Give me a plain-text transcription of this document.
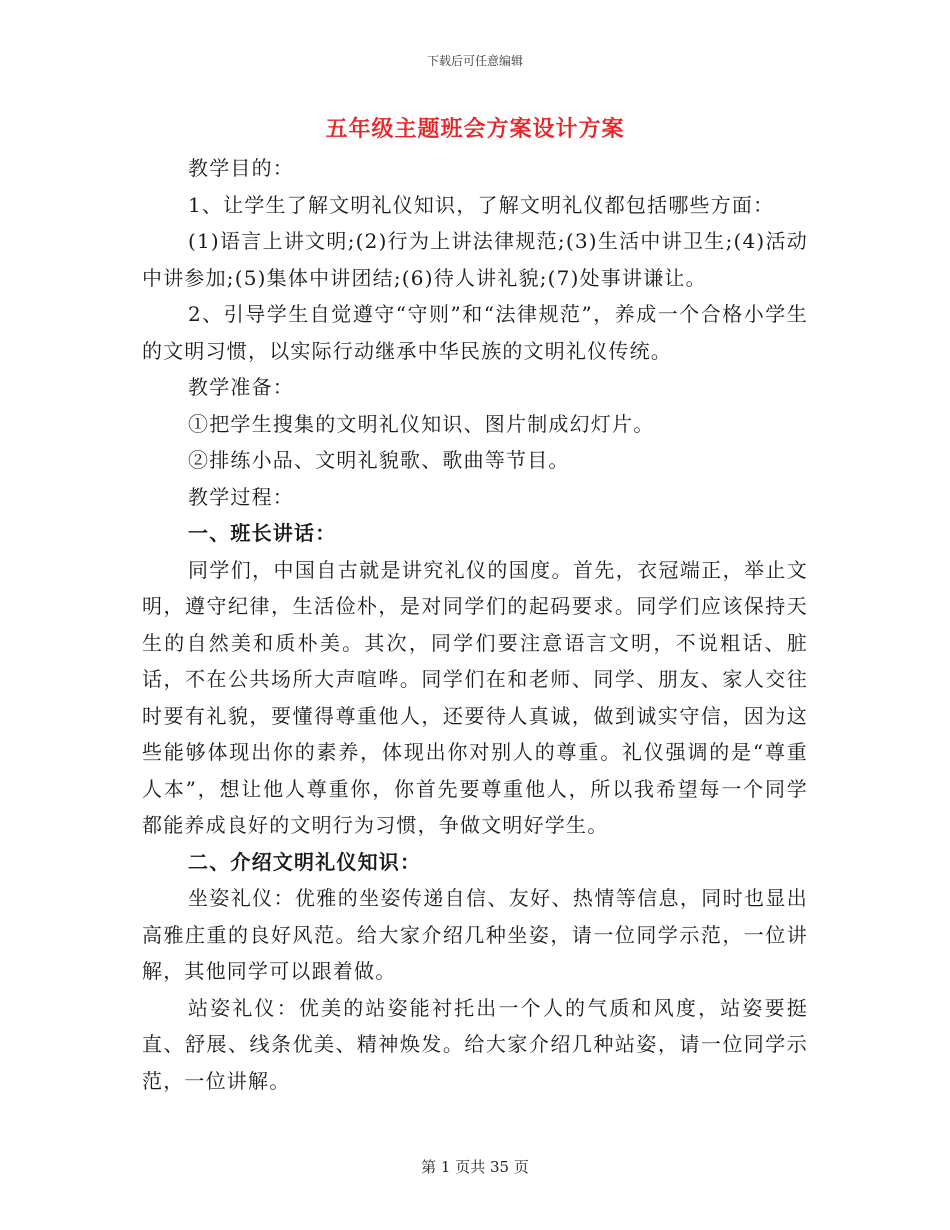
下载后可任意编辑
五年级主题班会方案设计方案

教学目的：

1、让学生了解文明礼仪知识，了解文明礼仪都包括哪些方面：

(1)语言上讲文明;(2)行为上讲法律规范;(3)生活中讲卫生;(4)活动中讲参加;(5)集体中讲团结;(6)待人讲礼貌;(7)处事讲谦让。

2、引导学生自觉遵守“守则”和“法律规范”，养成一个合格小学生的文明习惯，以实际行动继承中华民族的文明礼仪传统。

教学准备：

①把学生搜集的文明礼仪知识、图片制成幻灯片。

②排练小品、文明礼貌歌、歌曲等节目。

教学过程：

一、班长讲话：

同学们，中国自古就是讲究礼仪的国度。首先，衣冠端正，举止文明，遵守纪律，生活俭朴，是对同学们的起码要求。同学们应该保持天生的自然美和质朴美。其次，同学们要注意语言文明，不说粗话、脏话，不在公共场所大声喧哗。同学们在和老师、同学、朋友、家人交往时要有礼貌，要懂得尊重他人，还要待人真诚，做到诚实守信，因为这些能够体现出你的素养，体现出你对别人的尊重。礼仪强调的是“尊重人本”，想让他人尊重你，你首先要尊重他人，所以我希望每一个同学都能养成良好的文明行为习惯，争做文明好学生。

二、介绍文明礼仪知识：

坐姿礼仪：优雅的坐姿传递自信、友好、热情等信息，同时也显出高雅庄重的良好风范。给大家介绍几种坐姿，请一位同学示范，一位讲解，其他同学可以跟着做。

站姿礼仪：优美的站姿能衬托出一个人的气质和风度，站姿要挺直、舒展、线条优美、精神焕发。给大家介绍几种站姿，请一位同学示范，一位讲解。

第 1 页共 35 页
